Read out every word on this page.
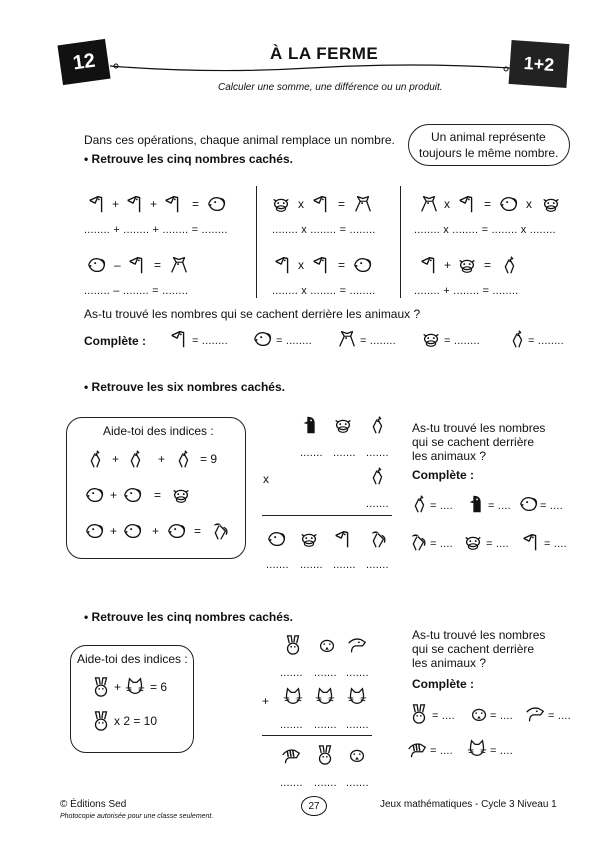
12	À LA FERME
Calculer une somme, une différence ou un produit.
1+2
Dans ces opérations, chaque animal remplace un nombre.
• Retrouve les cinq nombres cachés.
Un animal représente
toujours le même nombre.
+	+	=
........ + ........ + ........ = ........
x	=
........ x ........ = ........
x	=	x
........ x ........ = ........ x ........
–	=
........ – ........ = ........
x	=
........ x ........ = ........
+	=
........ + ........ = ........
As-tu trouvé les nombres qui se cachent derrière les animaux ?
Complète :	= ........	= ........	= ........	= ........	= ........
• Retrouve les six nombres cachés.
Aide-toi des indices :
+	+	= 9
+	=
+	+	=
....... ....... .......
x
.......
....... ....... ....... .......
As-tu trouvé les nombres
qui se cachent derrière
les animaux ?
Complète :
= ....	= ....	= ....
= ....	= ....	= ....
• Retrouve les cinq nombres cachés.
Aide-toi des indices :
+ = 6
x 2 = 10
....... ....... .......
+
....... ....... .......
....... ....... .......
As-tu trouvé les nombres
qui se cachent derrière
les animaux ?
Complète :
= ....	= ....	= ....
= ....	= ....
© Éditions Sed
Photocopie autorisée pour une classe seulement.
27	Jeux mathématiques - Cycle 3 Niveau 1
